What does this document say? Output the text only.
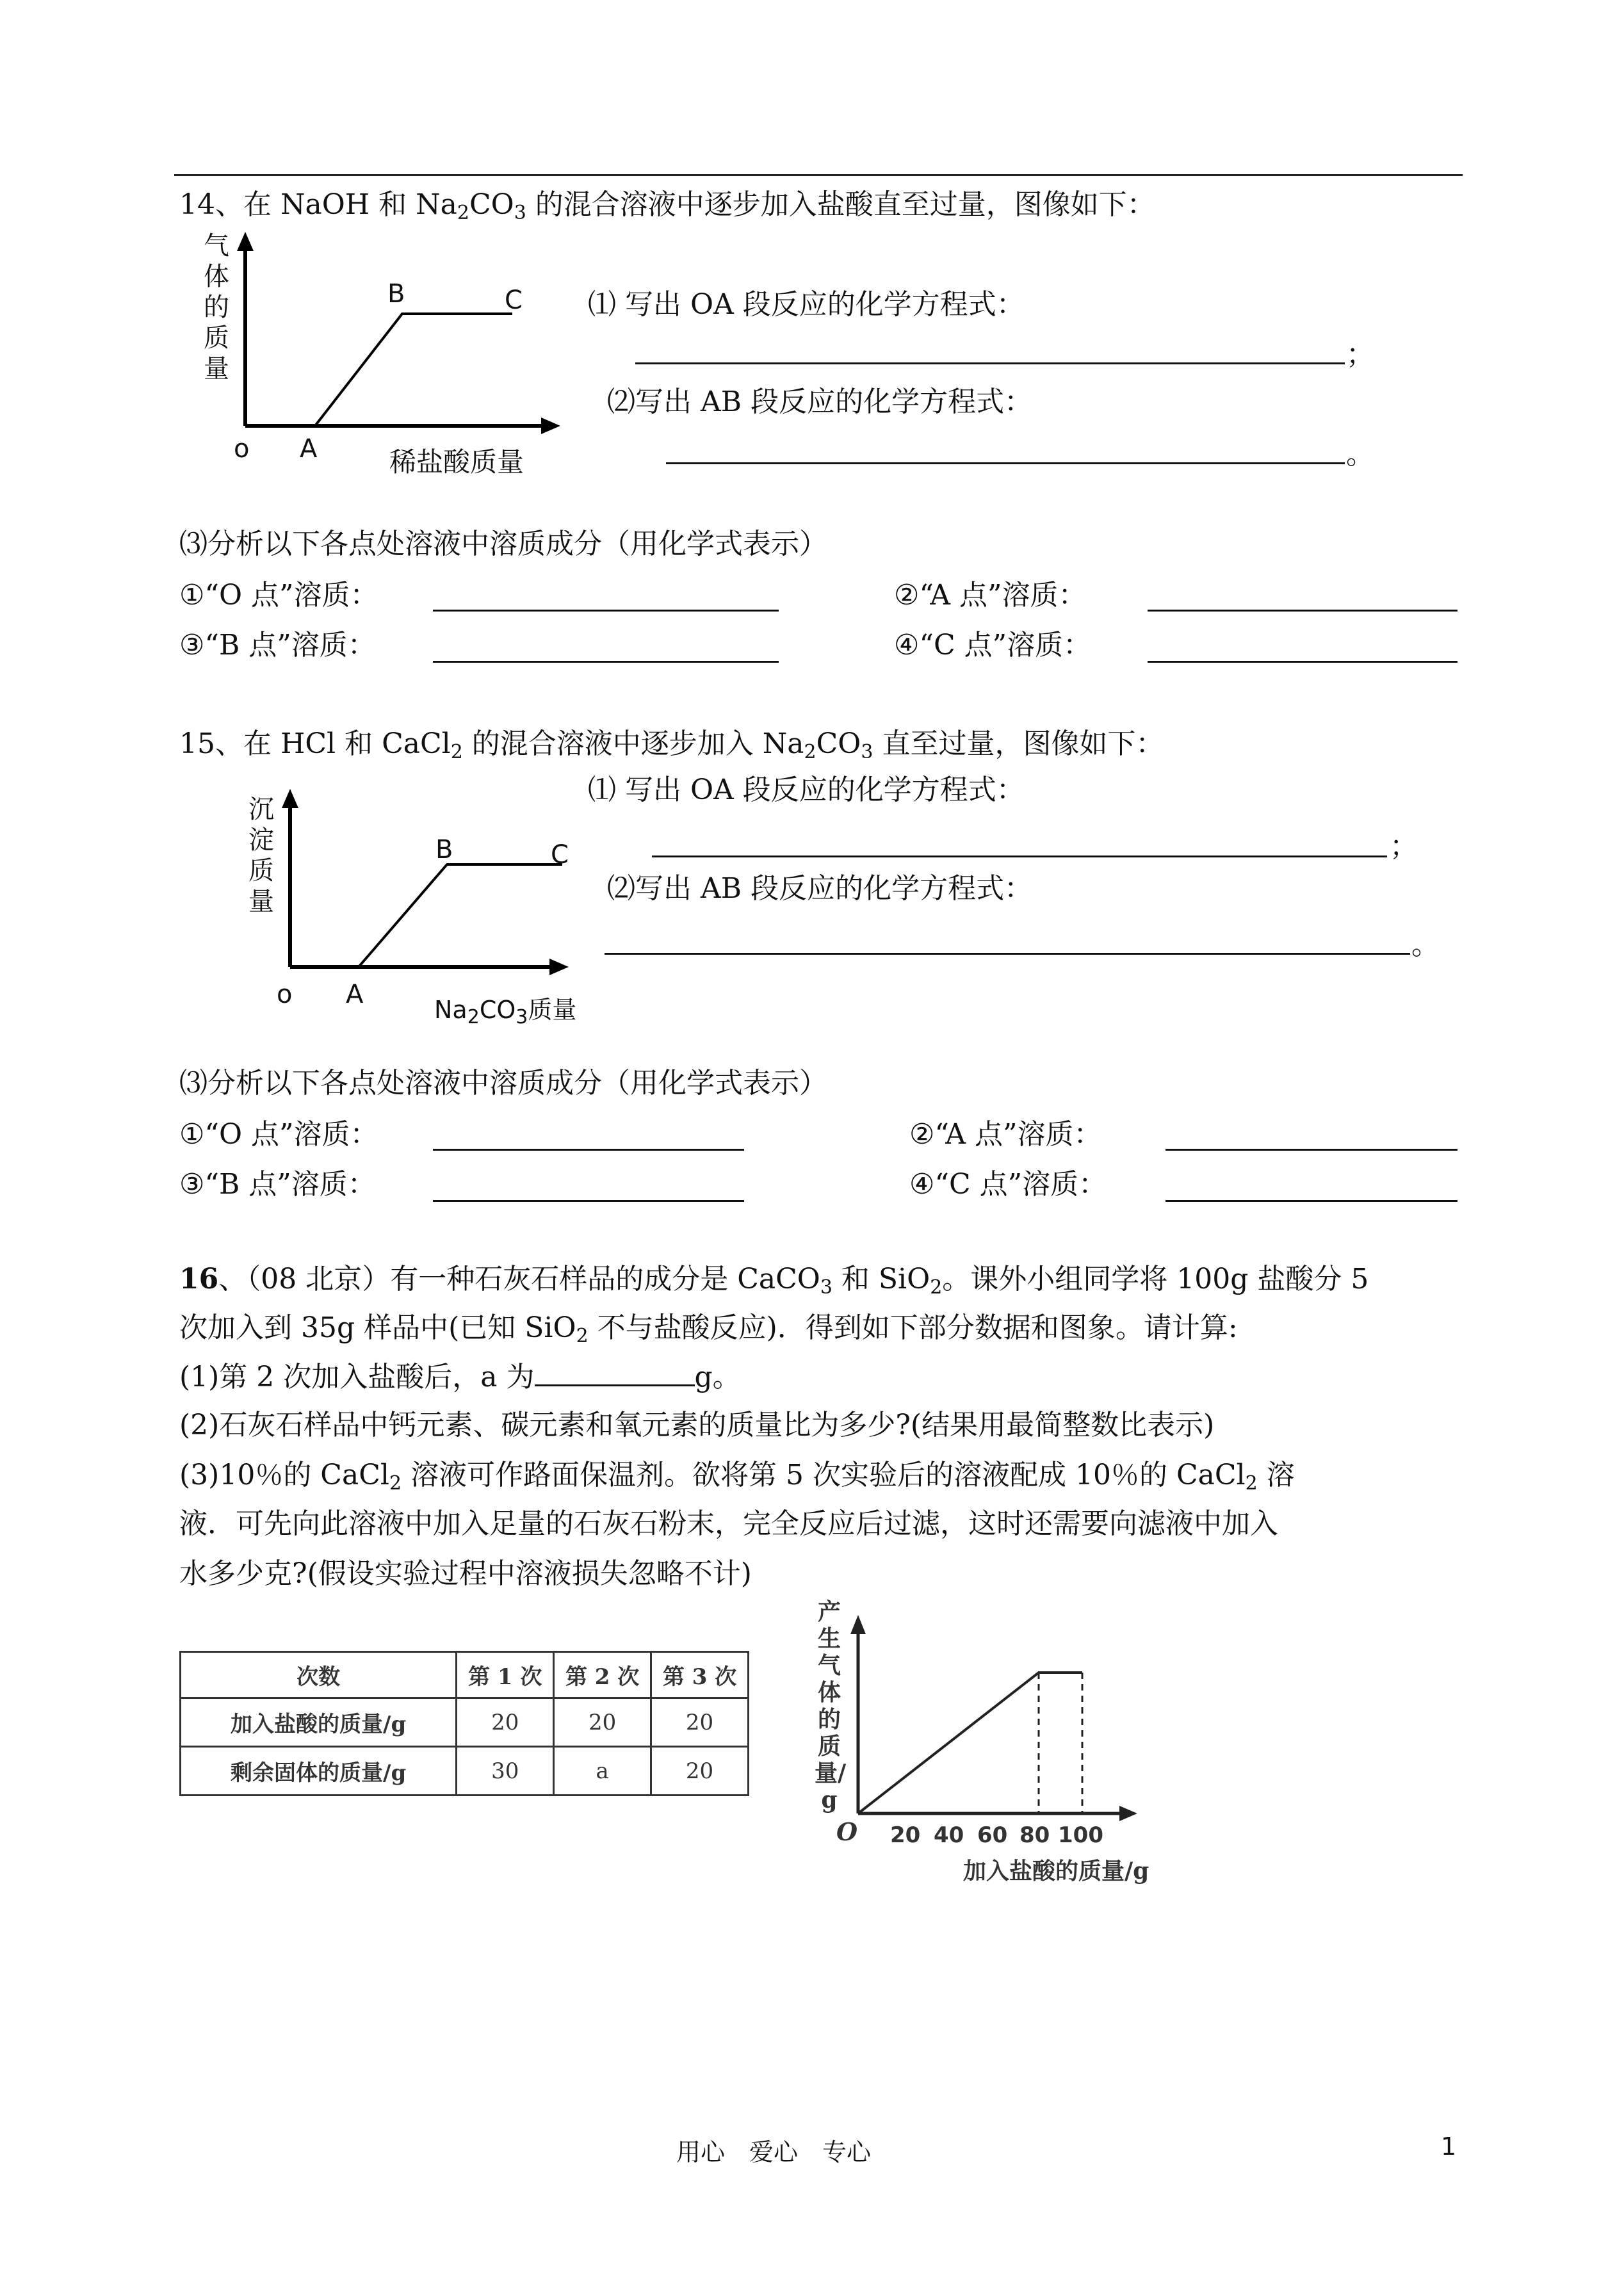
14、在 NaOH 和 $Na_2CO_3$ 的混合溶液中逐步加入盐酸直至过量，图像如下：
气体的质量
o A
B	C
稀盐酸质量
⑴ 写出 OA 段反应的化学方程式：
；
⑵写出 AB 段反应的化学方程式：
。
⑶分析以下各点处溶液中溶质成分（用化学式表示）
①“O 点”溶质：	②“A 点”溶质：
③“B 点”溶质：	④“C 点”溶质：
15、在 HCl 和 CaCl$_2$ 的混合溶液中逐步加入 $Na_2CO_3$ 直至过量，图像如下：
沉淀质量
o A
B	C
$Na_2CO_3$质量
⑴ 写出 OA 段反应的化学方程式：
；
⑵写出 AB 段反应的化学方程式：
。
⑶分析以下各点处溶液中溶质成分（用化学式表示）
①“O 点”溶质：	②“A 点”溶质：
③“B 点”溶质：	④“C 点”溶质：
16、（08 北京）有一种石灰石样品的成分是 CaCO$_3$ 和 SiO$_2$。课外小组同学将 100g 盐酸分 5
次加入到 35g 样品中(已知 SiO$_2$ 不与盐酸反应)．得到如下部分数据和图象。请计算:
(1)第 2 次加入盐酸后，a 为	g。
(2)石灰石样品中钙元素、碳元素和氧元素的质量比为多少?(结果用最简整数比表示)
(3)10％的 CaCl$_2$ 溶液可作路面保温剂。欲将第 5 次实验后的溶液配成 10％的 CaCl$_2$ 溶
液．可先向此溶液中加入足量的石灰石粉末，完全反应后过滤，这时还需要向滤液中加入
水多少克?(假设实验过程中溶液损失忽略不计)
次数	第 1 次	第 2 次	第 3 次
加入盐酸的质量/g	20	20	20
剩余固体的质量/g	30	a	20
产生气体的质量/g
O 20 40 60 80 100
加入盐酸的质量/g
用心　爱心　专心	1
